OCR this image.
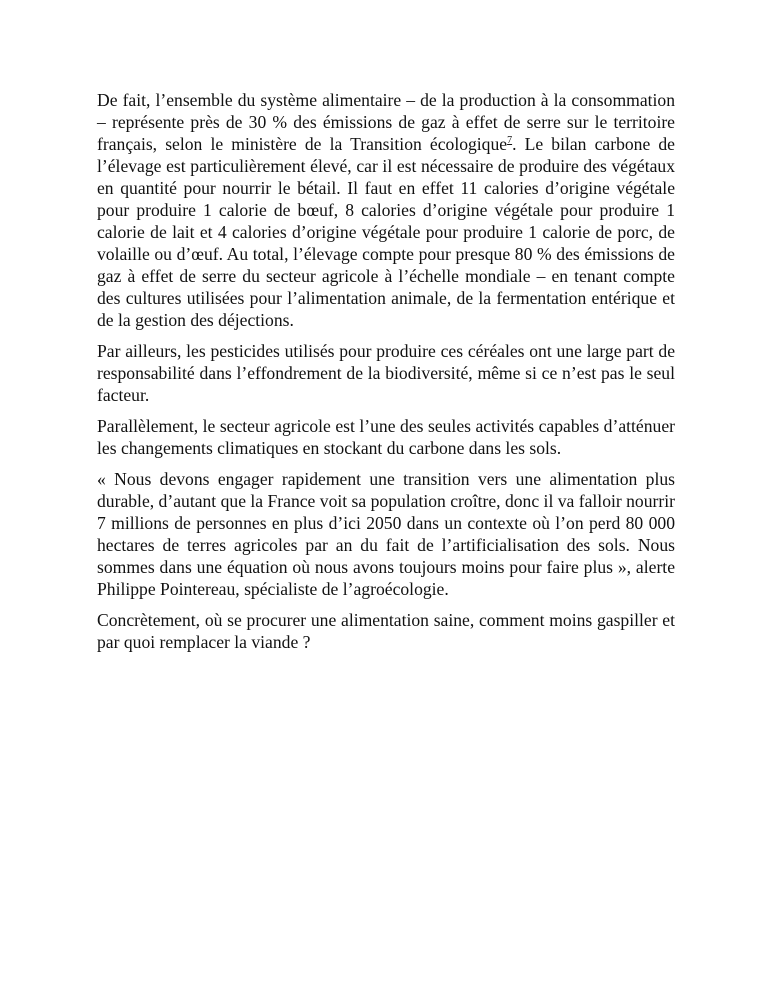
De fait, l’ensemble du système alimentaire – de la production à la consommation – représente près de 30 % des émissions de gaz à effet de serre sur le territoire français, selon le ministère de la Transition écologique$^7$. Le bilan carbone de l’élevage est particulièrement élevé, car il est nécessaire de produire des végétaux en quantité pour nourrir le bétail. Il faut en effet 11 calories d’origine végétale pour produire 1 calorie de bœuf, 8 calories d’origine végétale pour produire 1 calorie de lait et 4 calories d’origine végétale pour produire 1 calorie de porc, de volaille ou d’œuf. Au total, l’élevage compte pour presque 80 % des émissions de gaz à effet de serre du secteur agricole à l’échelle mondiale – en tenant compte des cultures utilisées pour l’alimentation animale, de la fermentation entérique et de la gestion des déjections.

Par ailleurs, les pesticides utilisés pour produire ces céréales ont une large part de responsabilité dans l’effondrement de la biodiversité, même si ce n’est pas le seul facteur.

Parallèlement, le secteur agricole est l’une des seules activités capables d’atténuer les changements climatiques en stockant du carbone dans les sols.

« Nous devons engager rapidement une transition vers une alimentation plus durable, d’autant que la France voit sa population croître, donc il va falloir nourrir 7 millions de personnes en plus d’ici 2050 dans un contexte où l’on perd 80 000 hectares de terres agricoles par an du fait de l’artificialisation des sols. Nous sommes dans une équation où nous avons toujours moins pour faire plus », alerte Philippe Pointereau, spécialiste de l’agroécologie.

Concrètement, où se procurer une alimentation saine, comment moins gaspiller et par quoi remplacer la viande ?
